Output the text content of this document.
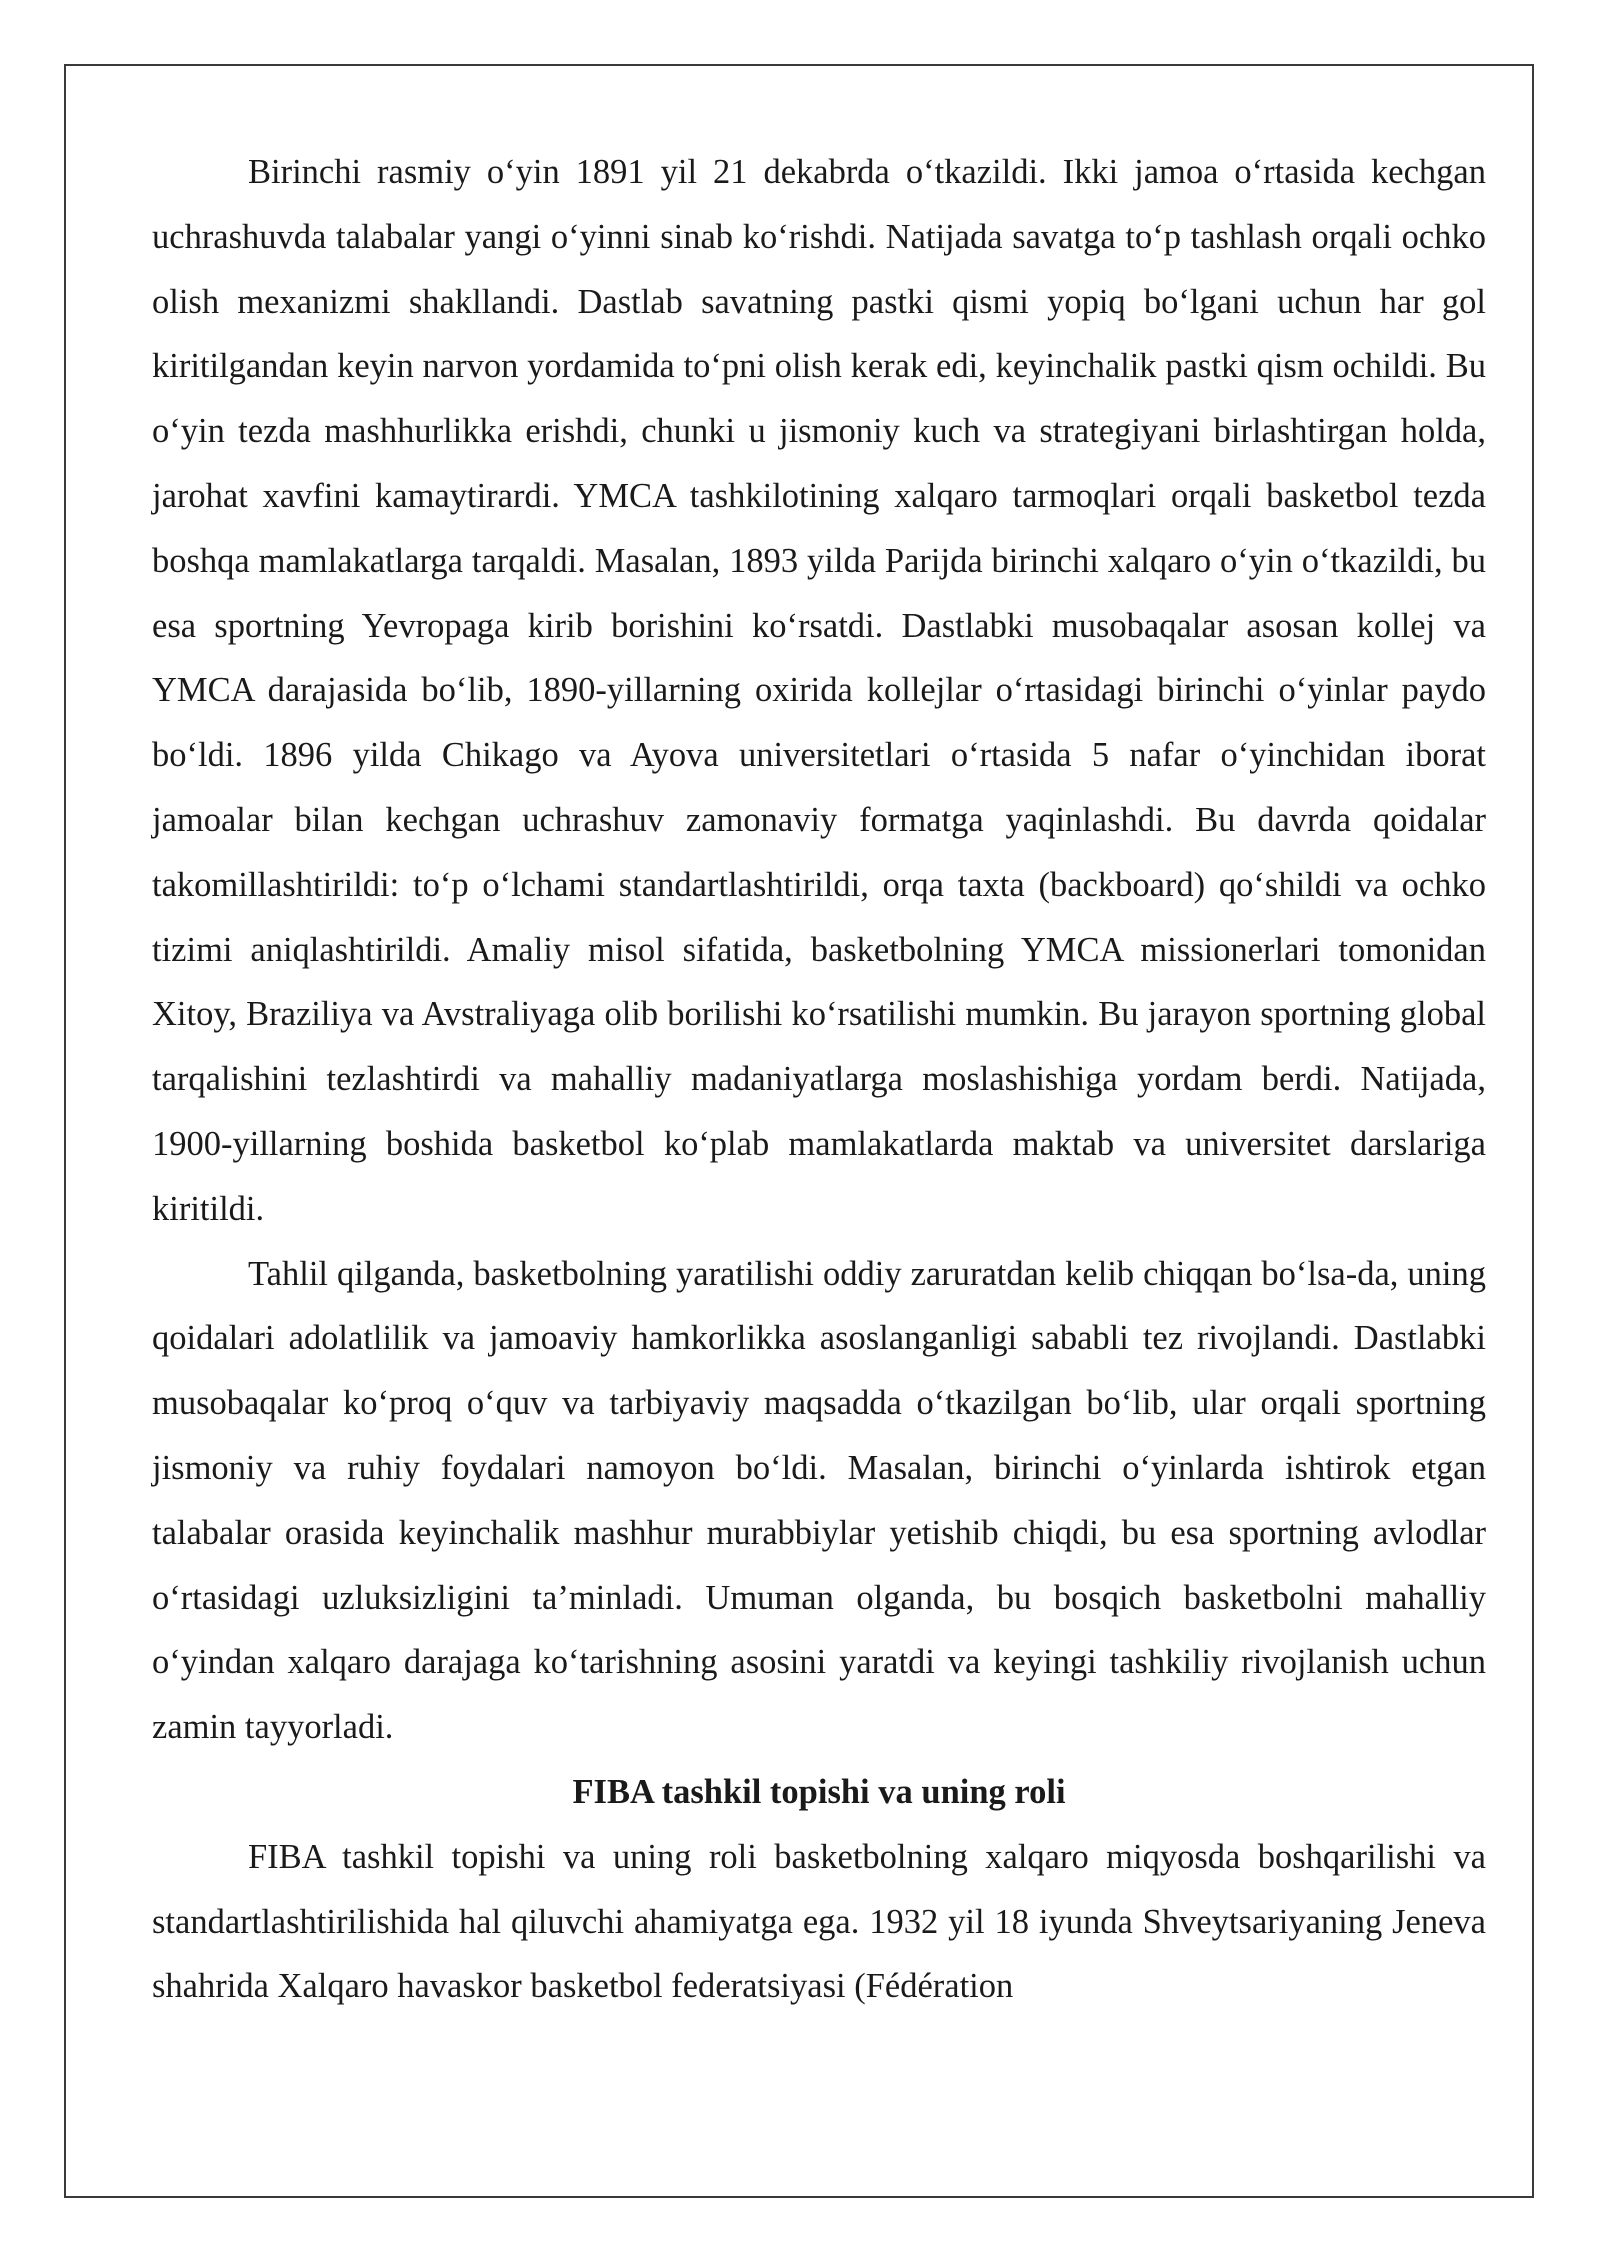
Birinchi rasmiy o‘yin 1891 yil 21 dekabrda o‘tkazildi. Ikki jamoa o‘rtasida kechgan uchrashuvda talabalar yangi o‘yinni sinab ko‘rishdi. Natijada savatga to‘p tashlash orqali ochko olish mexanizmi shakllandi. Dastlab savatning pastki qismi yopiq bo‘lgani uchun har gol kiritilgandan keyin narvon yordamida to‘pni olish kerak edi, keyinchalik pastki qism ochildi. Bu o‘yin tezda mashhurlikka erishdi, chunki u jismoniy kuch va strategiyani birlashtirgan holda, jarohat xavfini kamaytirardi. YMCA tashkilotining xalqaro tarmoqlari orqali basketbol tezda boshqa mamlakatlarga tarqaldi. Masalan, 1893 yilda Parijda birinchi xalqaro o‘yin o‘tkazildi, bu esa sportning Yevropaga kirib borishini ko‘rsatdi. Dastlabki musobaqalar asosan kollej va YMCA darajasida bo‘lib, 1890-yillarning oxirida kollejlar o‘rtasidagi birinchi o‘yinlar paydo bo‘ldi. 1896 yilda Chikago va Ayova universitetlari o‘rtasida 5 nafar o‘yinchidan iborat jamoalar bilan kechgan uchrashuv zamonaviy formatga yaqinlashdi. Bu davrda qoidalar takomillashtirildi: to‘p o‘lchami standartlashtirildi, orqa taxta (backboard) qo‘shildi va ochko tizimi aniqlashtirildi. Amaliy misol sifatida, basketbolning YMCA missionerlari tomonidan Xitoy, Braziliya va Avstraliyaga olib borilishi ko‘rsatilishi mumkin. Bu jarayon sportning global tarqalishini tezlashtirdi va mahalliy madaniyatlarga moslashishiga yordam berdi. Natijada, 1900-yillarning boshida basketbol ko‘plab mamlakatlarda maktab va universitet darslariga kiritildi.

Tahlil qilganda, basketbolning yaratilishi oddiy zaruratdan kelib chiqqan bo‘lsa-da, uning qoidalari adolatlilik va jamoaviy hamkorlikka asoslanganligi sababli tez rivojlandi. Dastlabki musobaqalar ko‘proq o‘quv va tarbiyaviy maqsadda o‘tkazilgan bo‘lib, ular orqali sportning jismoniy va ruhiy foydalari namoyon bo‘ldi. Masalan, birinchi o‘yinlarda ishtirok etgan talabalar orasida keyinchalik mashhur murabbiylar yetishib chiqdi, bu esa sportning avlodlar o‘rtasidagi uzluksizligini ta’minladi. Umuman olganda, bu bosqich basketbolni mahalliy o‘yindan xalqaro darajaga ko‘tarishning asosini yaratdi va keyingi tashkiliy rivojlanish uchun zamin tayyorladi.

FIBA tashkil topishi va uning roli

FIBA tashkil topishi va uning roli basketbolning xalqaro miqyosda boshqarilishi va standartlashtirilishida hal qiluvchi ahamiyatga ega. 1932 yil 18 iyunda Shveytsariyaning Jeneva shahrida Xalqaro havaskor basketbol federatsiyasi (Fédération
